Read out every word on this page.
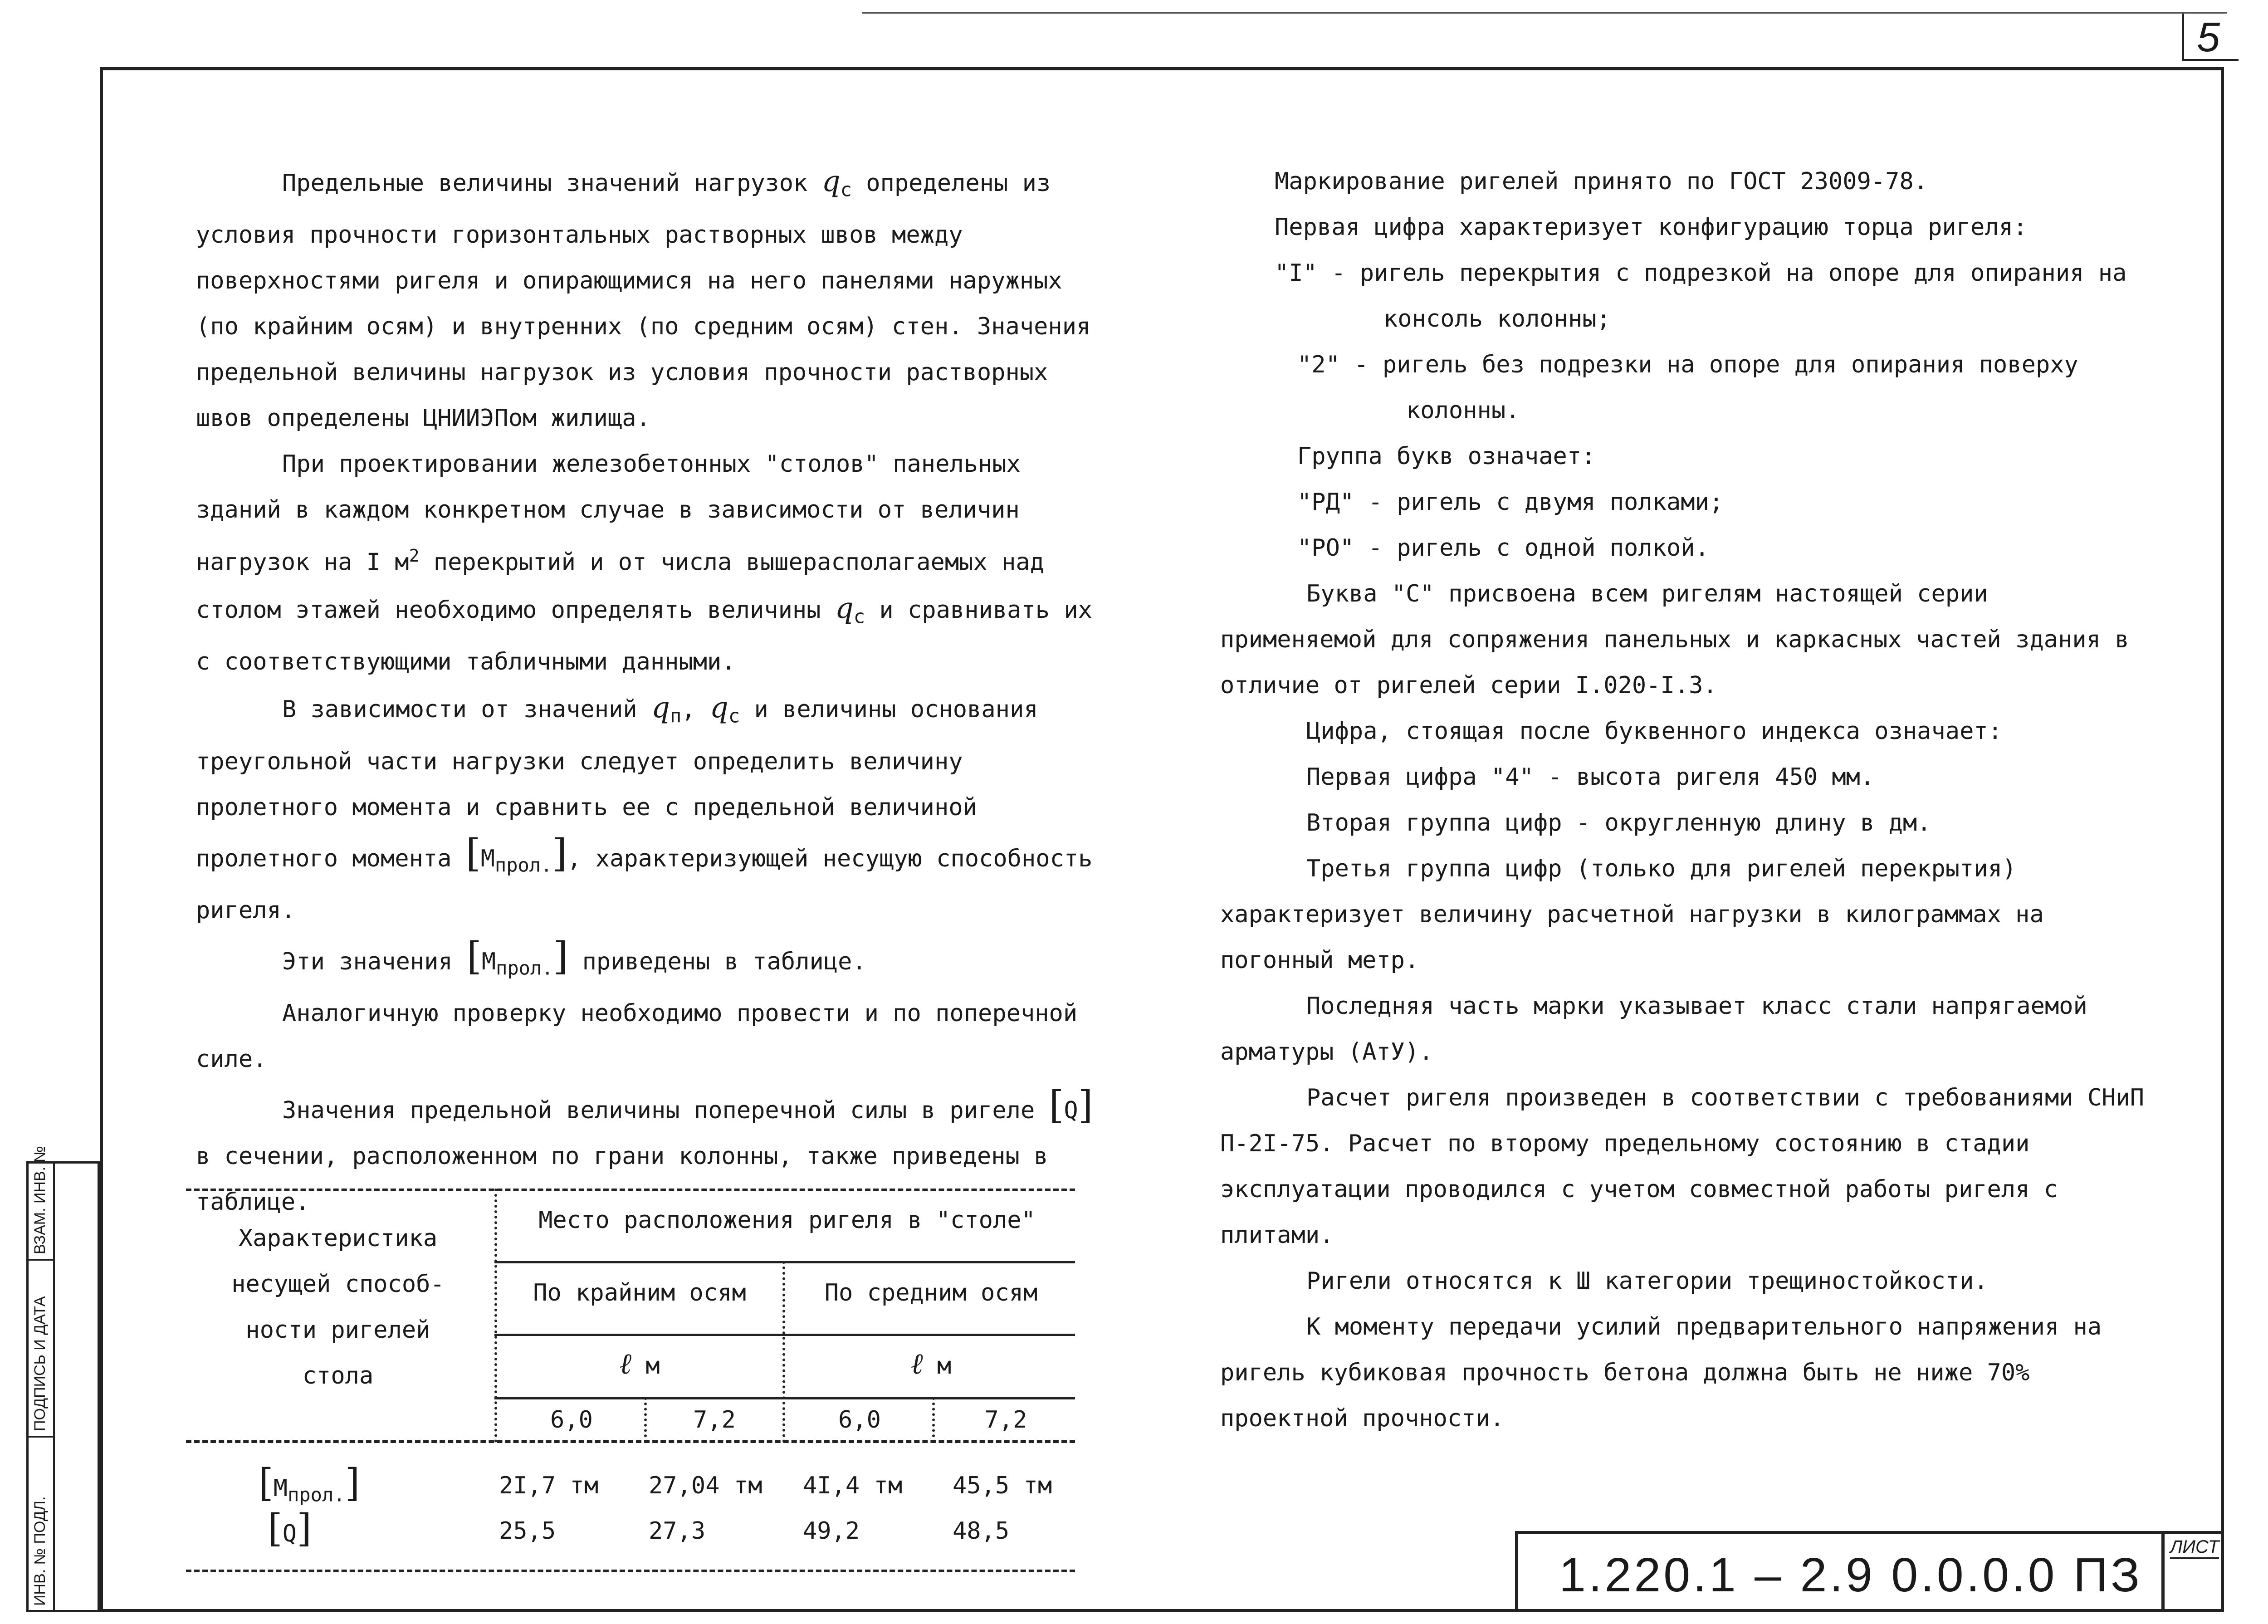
5
ВЗАМ. ИНВ. №
ПОДПИСЬ И ДАТА
ИНВ. № ПОДЛ.

Предельные величины значений нагрузок $q_с$ определены из условия прочности горизонтальных растворных швов между поверхностями ригеля и опирающимися на него панелями наружных (по крайним осям) и внутренних (по средним осям) стен. Значения предельной величины нагрузок из условия прочности растворных швов определены ЦНИИЭПом жилища.

При проектировании железобетонных "столов" панельных зданий в каждом конкретном случае в зависимости от величин нагрузок на I $м^2$ перекрытий и от числа вышерасполагаемых над столом этажей необходимо определять величины $q_с$ и сравнивать их с соответствующими табличными данными.

В зависимости от значений $q_п$, $q_с$ и величины основания треугольной части нагрузки следует определить величину пролетного момента и сравнить ее с предельной величиной пролетного момента $[М_{прол.}]$, характеризующей несущую способность ригеля.

Эти значения $[М_{прол.}]$ приведены в таблице.

Аналогичную проверку необходимо провести и по поперечной силе.

Значения предельной величины поперечной силы в ригеле [Q] в сечении, расположенном по грани колонны, также приведены в таблице.

Характеристика
несущей способ-
ности ригелей
стола
Место расположения ригеля в "столе"
По крайним осям	По средним осям
ℓ м	ℓ м
6,0	7,2	6,0	7,2
$[М_{прол.}]$	2I,7 тм	27,04 тм	4I,4 тм	45,5 тм
[Q]	25,5	27,3	49,2	48,5

Маркирование ригелей принято по ГОСТ 23009-78.

Первая цифра характеризует конфигурацию торца ригеля:

"I" - ригель перекрытия с подрезкой на опоре для опирания на консоль колонны;

"2" - ригель без подрезки на опоре для опирания поверху колонны.

Группа букв означает:

"РД" - ригель с двумя полками;

"РО" - ригель с одной полкой.

Буква "С" присвоена всем ригелям настоящей серии применяемой для сопряжения панельных и каркасных частей здания в отличие от ригелей серии I.020-I.3.

Цифра, стоящая после буквенного индекса означает:

Первая цифра "4" - высота ригеля 450 мм.

Вторая группа цифр - округленную длину в дм.

Третья группа цифр (только для ригелей перекрытия) характеризует величину расчетной нагрузки в килограммах на погонный метр.

Последняя часть марки указывает класс стали напрягаемой арматуры (АтУ).

Расчет ригеля произведен в соответствии с требованиями СНиП П-2I-75. Расчет по второму предельному состоянию в стадии эксплуатации проводился с учетом совместной работы ригеля с плитами.

Ригели относятся к Ш категории трещиностойкости.

К моменту передачи усилий предварительного напряжения на ригель кубиковая прочность бетона должна быть не ниже 70% проектной прочности.

1.220.1 – 2.9 0.0.0.0 ПЗ
ЛИСТ
